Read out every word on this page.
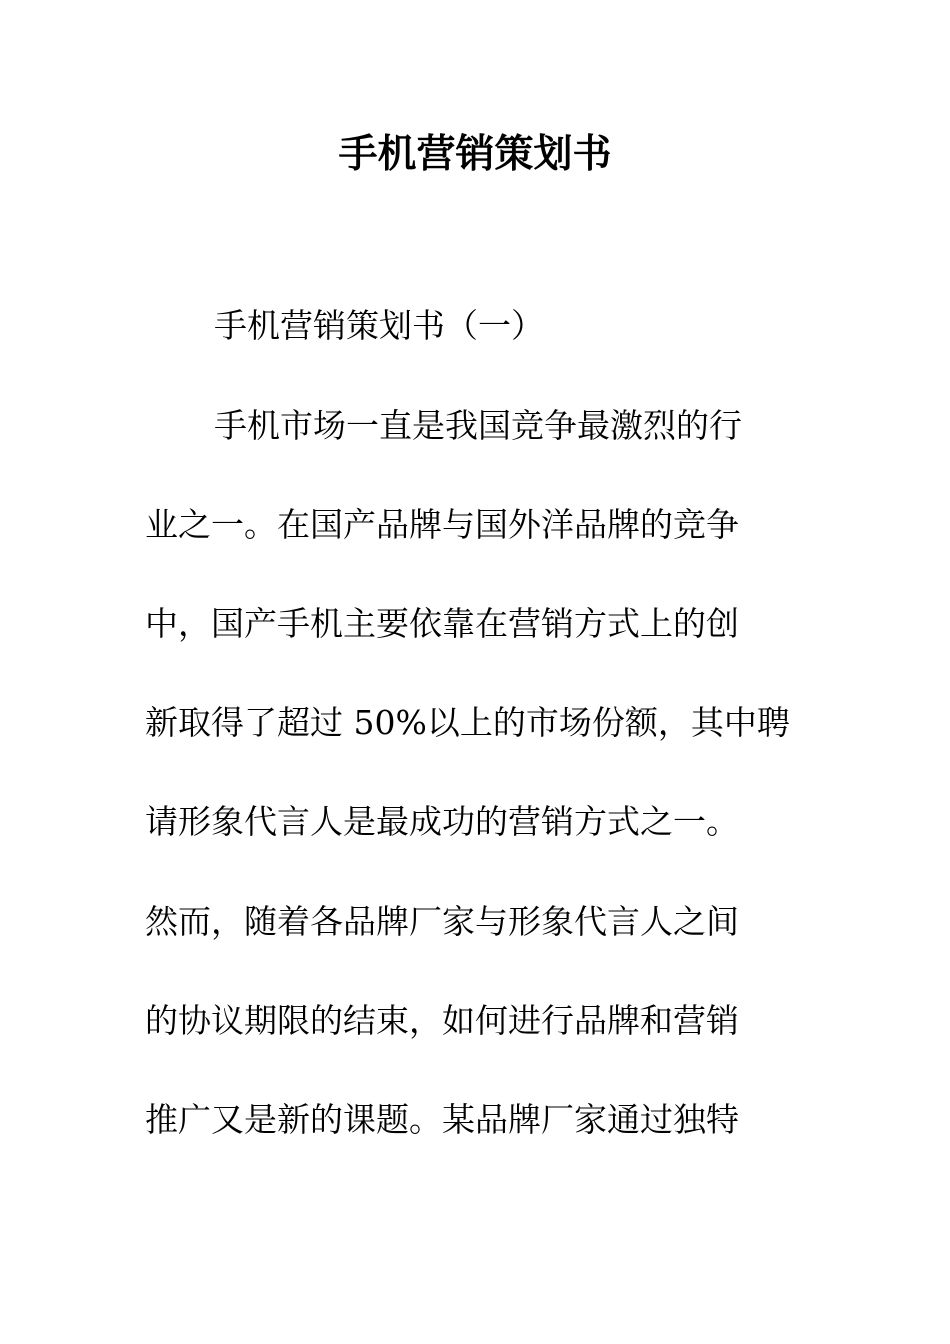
手机营销策划书
手机营销策划书（一）
手机市场一直是我国竞争最激烈的行
业之一。在国产品牌与国外洋品牌的竞争
中，国产手机主要依靠在营销方式上的创
新取得了超过 50%以上的市场份额，其中聘
请形象代言人是最成功的营销方式之一。
然而，随着各品牌厂家与形象代言人之间
的协议期限的结束，如何进行品牌和营销
推广又是新的课题。某品牌厂家通过独特
